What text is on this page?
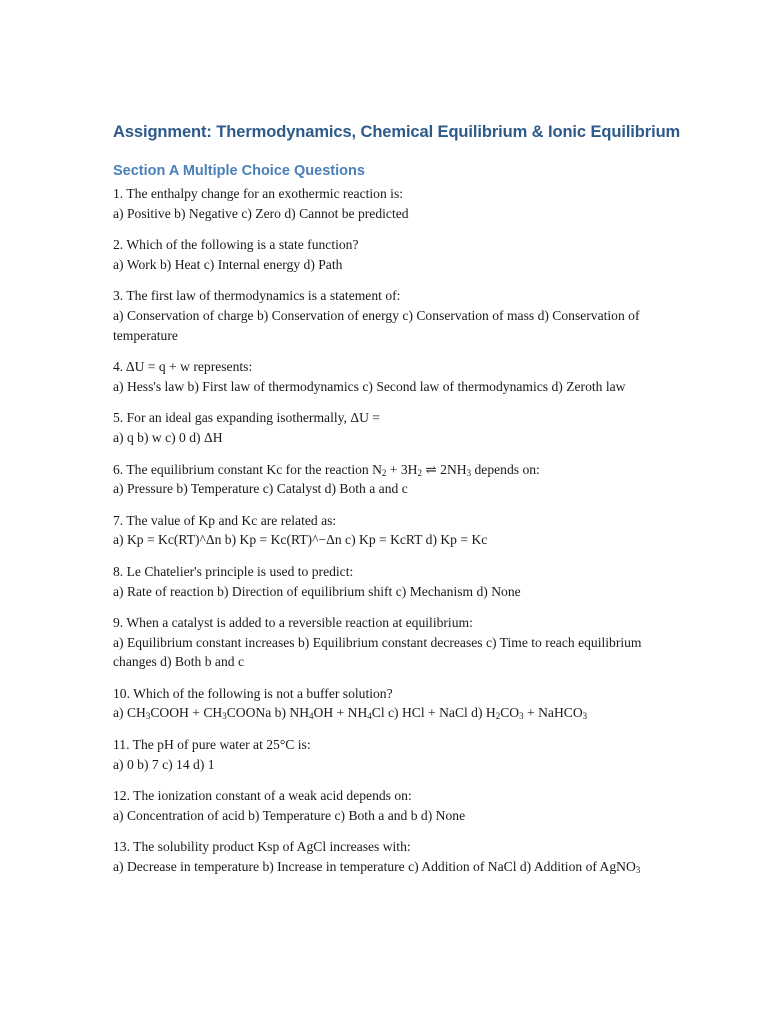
Assignment: Thermodynamics, Chemical Equilibrium & Ionic Equilibrium
Section A Multiple Choice Questions

1. The enthalpy change for an exothermic reaction is:

a) Positive b) Negative c) Zero d) Cannot be predicted

2. Which of the following is a state function?

a) Work b) Heat c) Internal energy d) Path

3. The first law of thermodynamics is a statement of:

a) Conservation of charge b) Conservation of energy c) Conservation of mass d) Conservation of temperature

4. ΔU = q + w represents:

a) Hess's law b) First law of thermodynamics c) Second law of thermodynamics d) Zeroth law

5. For an ideal gas expanding isothermally, ΔU =

a) q b) w c) 0 d) ΔH

6. The equilibrium constant Kc for the reaction $N_2 + 3H_2$ ⇌ $2NH_3$ depends on:

a) Pressure b) Temperature c) Catalyst d) Both a and c

7. The value of Kp and Kc are related as:

a) Kp = Kc(RT)^Δn b) Kp = Kc(RT)^−Δn c) Kp = KcRT d) Kp = Kc

8. Le Chatelier's principle is used to predict:

a) Rate of reaction b) Direction of equilibrium shift c) Mechanism d) None

9. When a catalyst is added to a reversible reaction at equilibrium:

a) Equilibrium constant increases b) Equilibrium constant decreases c) Time to reach equilibrium changes d) Both b and c

10. Which of the following is not a buffer solution?

a) $CH_3COOH$ + $CH_3COONa$ b) $NH_4OH + NH_4Cl$ c) HCl + NaCl d) $H_2CO_3$ + NaHCO$_3$

11. The pH of pure water at 25°C is:

a) 0 b) 7 c) 14 d) 1

12. The ionization constant of a weak acid depends on:

a) Concentration of acid b) Temperature c) Both a and b d) None

13. The solubility product Ksp of AgCl increases with:

a) Decrease in temperature b) Increase in temperature c) Addition of NaCl d) Addition of AgNO$_3$
